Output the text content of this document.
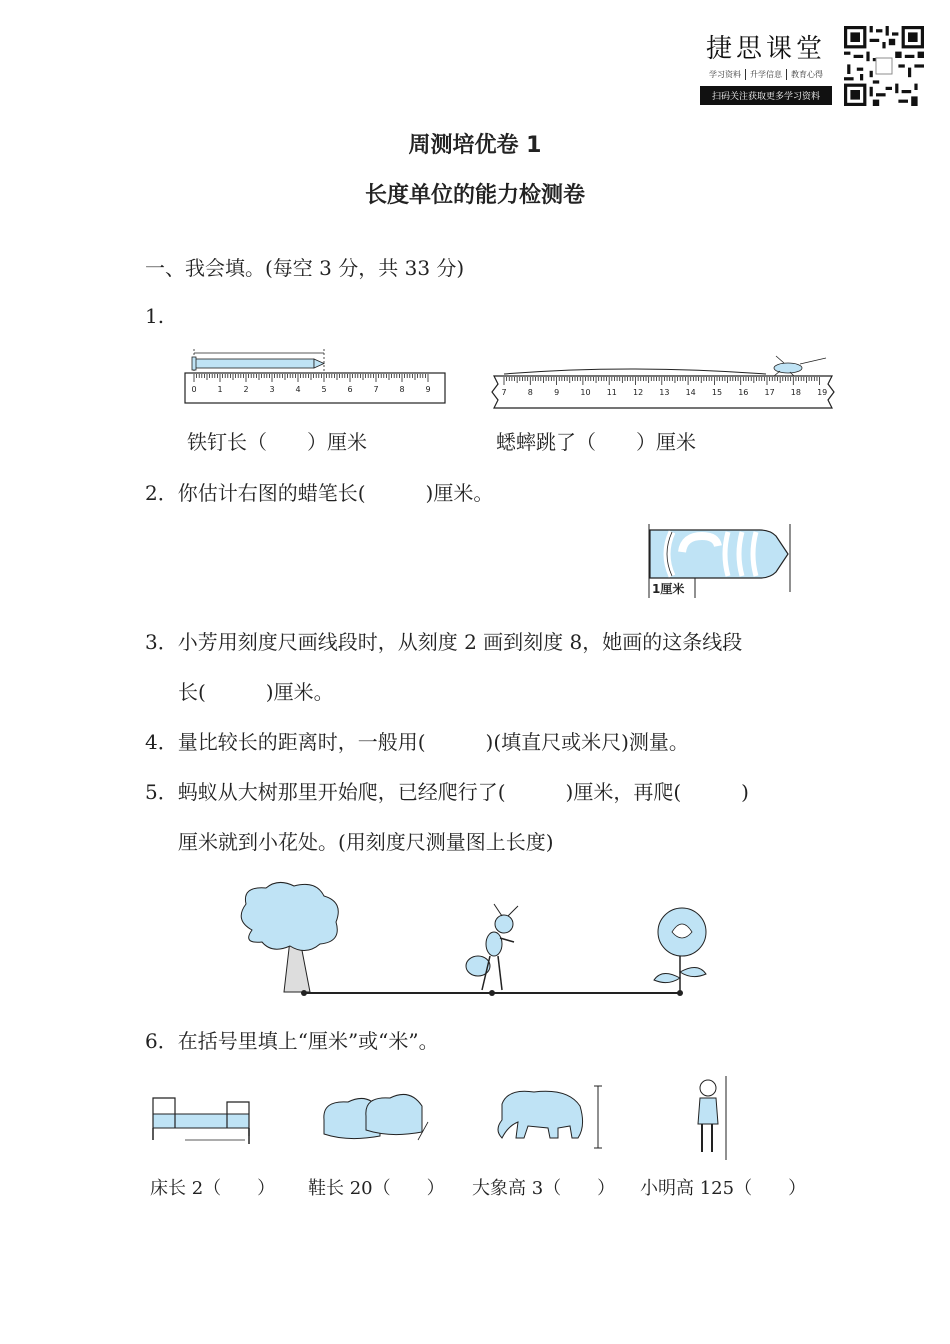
捷思课堂
学习资料	升学信息	教育心得
扫码关注获取更多学习资料
周测培优卷 1
长度单位的能力检测卷
一、我会填。(每空 3 分，共 33 分)
1.
0	1	2	3	4	5	6	7	8	9	7	8	9	10 11 12 13 14 15 16 17 18 19
铁钉长（　　）厘米	蟋蟀跳了（　　）厘米
2．你估计右图的蜡笔长(　　　)厘米。
1厘米
3．小芳用刻度尺画线段时，从刻度 2 画到刻度 8，她画的这条线段
长(　　　)厘米。
4．量比较长的距离时，一般用(　　　)(填直尺或米尺)测量。
5．蚂蚁从大树那里开始爬，已经爬行了(　　　)厘米，再爬(　　　)
厘米就到小花处。(用刻度尺测量图上长度)
6．在括号里填上“厘米”或“米”。
床长 2（　　） 鞋长 20（　　） 大象高 3（　　） 小明高 125（　　）
